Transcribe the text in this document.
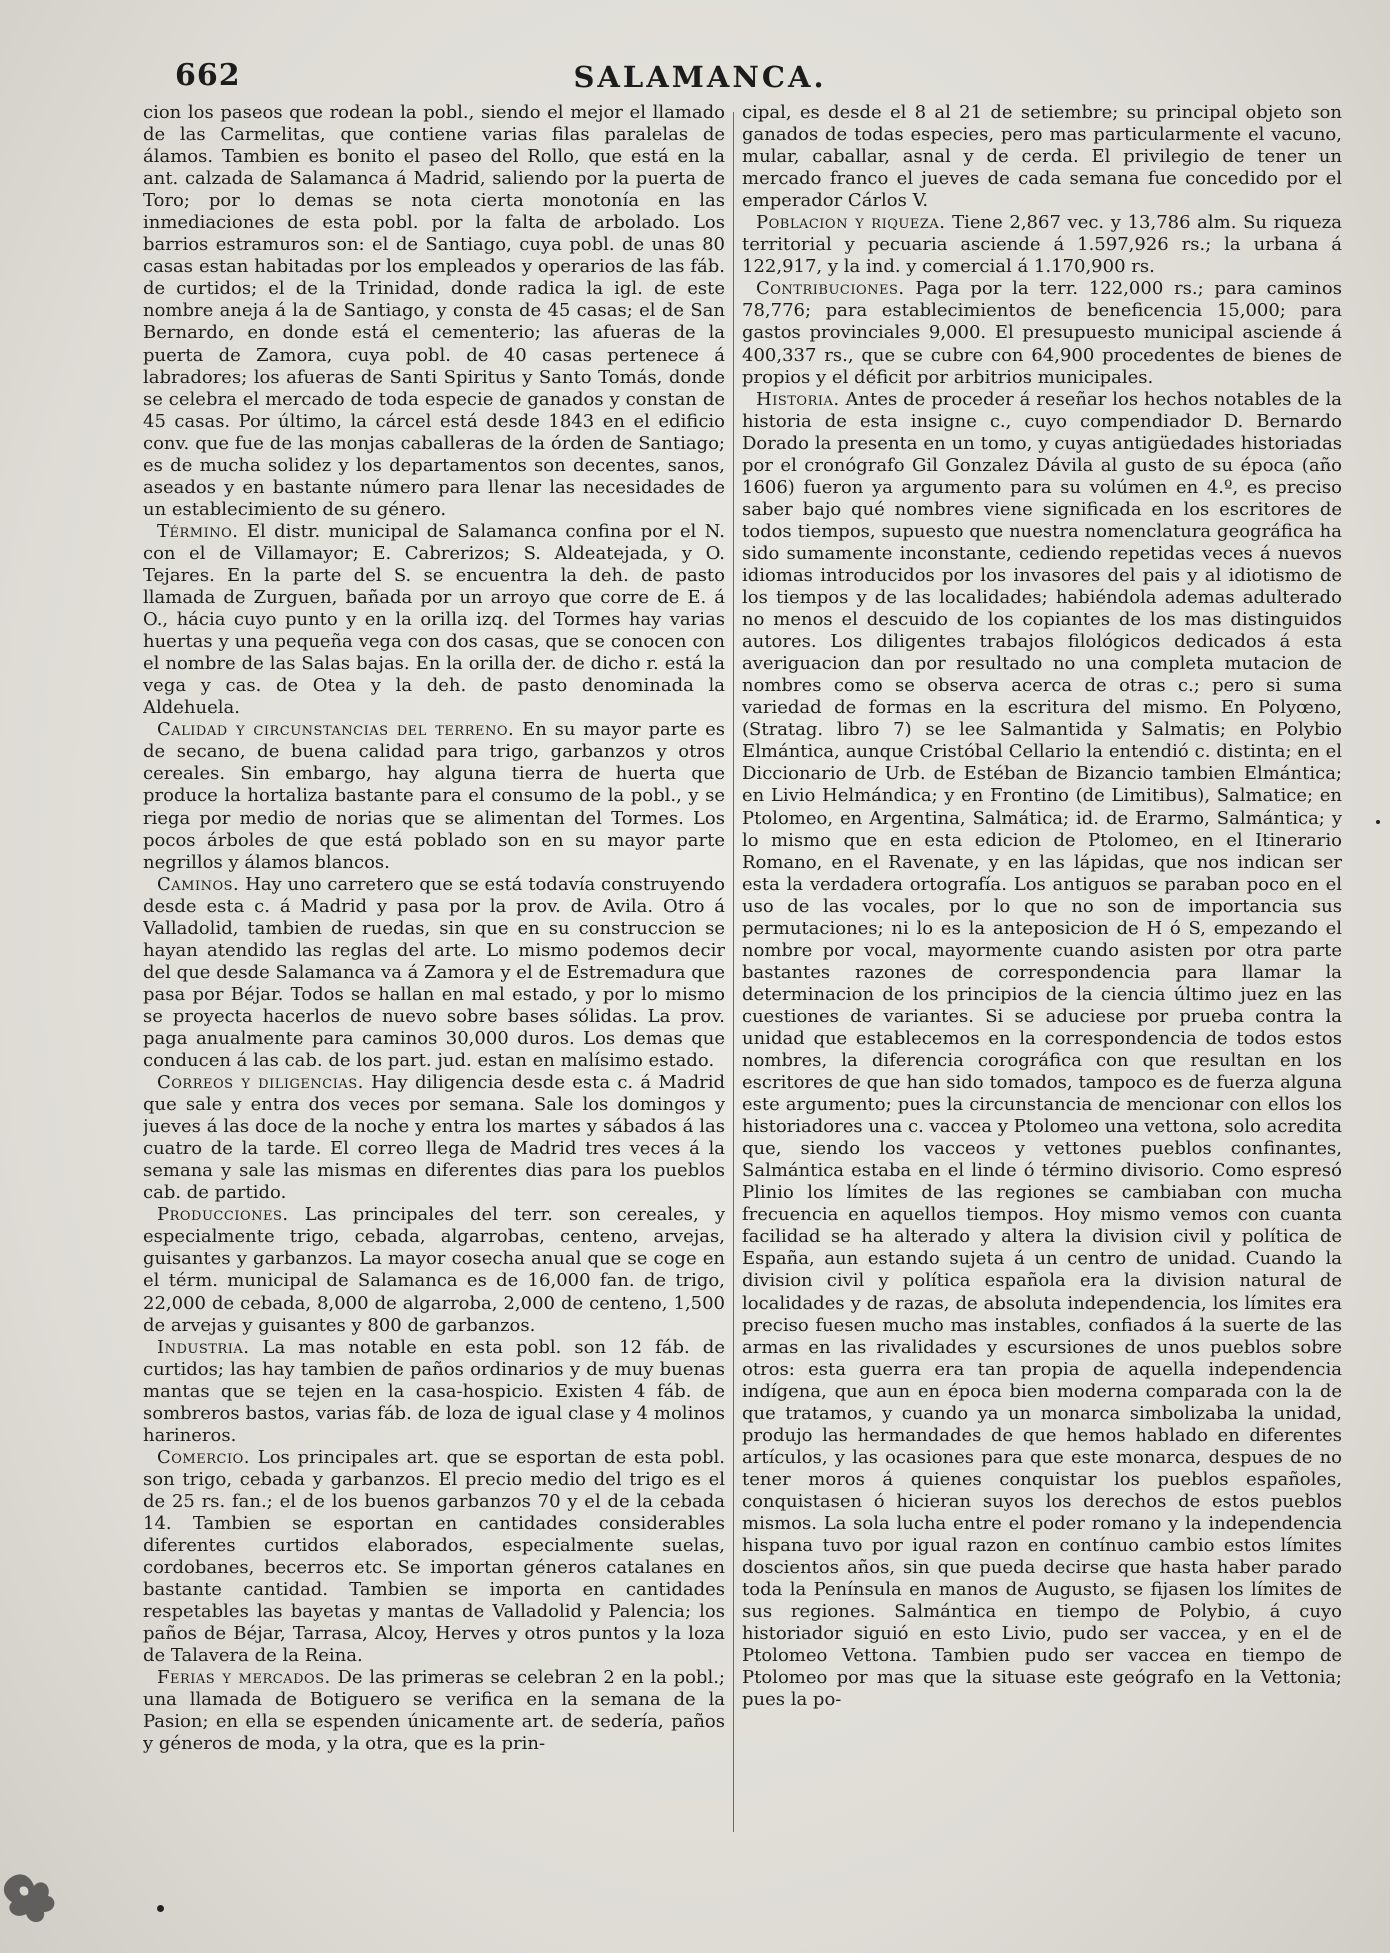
662	SALAMANCA.

cion los paseos que rodean la pobl., siendo el mejor el llamado de las Carmelitas, que contiene varias filas paralelas de álamos. Tambien es bonito el paseo del Rollo, que está en la ant. calzada de Salamanca á Madrid, saliendo por la puerta de Toro; por lo demas se nota cierta monotonía en las inmediaciones de esta pobl. por la falta de arbolado. Los barrios estramuros son: el de Santiago, cuya pobl. de unas 80 casas estan habitadas por los empleados y operarios de las fáb. de curtidos; el de la Trinidad, donde radica la igl. de este nombre aneja á la de Santiago, y consta de 45 casas; el de San Bernardo, en donde está el cementerio; las afueras de la puerta de Zamora, cuya pobl. de 40 casas pertenece á labradores; los afueras de Santi Spiritus y Santo Tomás, donde se celebra el mercado de toda especie de ganados y constan de 45 casas. Por último, la cárcel está desde 1843 en el edificio conv. que fue de las monjas caballeras de la órden de Santiago; es de mucha solidez y los departamentos son decentes, sanos, aseados y en bastante número para llenar las necesidades de un establecimiento de su género.

Término. El distr. municipal de Salamanca confina por el N. con el de Villamayor; E. Cabrerizos; S. Aldeatejada, y O. Tejares. En la parte del S. se encuentra la deh. de pasto llamada de Zurguen, bañada por un arroyo que corre de E. á O., hácia cuyo punto y en la orilla izq. del Tormes hay varias huertas y una pequeña vega con dos casas, que se conocen con el nombre de las Salas bajas. En la orilla der. de dicho r. está la vega y cas. de Otea y la deh. de pasto denominada la Aldehuela.

Calidad y circunstancias del terreno. En su mayor parte es de secano, de buena calidad para trigo, garbanzos y otros cereales. Sin embargo, hay alguna tierra de huerta que produce la hortaliza bastante para el consumo de la pobl., y se riega por medio de norias que se alimentan del Tormes. Los pocos árboles de que está poblado son en su mayor parte negrillos y álamos blancos.

Caminos. Hay uno carretero que se está todavía construyendo desde esta c. á Madrid y pasa por la prov. de Avila. Otro á Valladolid, tambien de ruedas, sin que en su construccion se hayan atendido las reglas del arte. Lo mismo podemos decir del que desde Salamanca va á Zamora y el de Estremadura que pasa por Béjar. Todos se hallan en mal estado, y por lo mismo se proyecta hacerlos de nuevo sobre bases sólidas. La prov. paga anualmente para caminos 30,000 duros. Los demas que conducen á las cab. de los part. jud. estan en malísimo estado.

Correos y diligencias. Hay diligencia desde esta c. á Madrid que sale y entra dos veces por semana. Sale los domingos y jueves á las doce de la noche y entra los martes y sábados á las cuatro de la tarde. El correo llega de Madrid tres veces á la semana y sale las mismas en diferentes dias para los pueblos cab. de partido.

Producciones. Las principales del terr. son cereales, y especialmente trigo, cebada, algarrobas, centeno, arvejas, guisantes y garbanzos. La mayor cosecha anual que se coge en el térm. municipal de Salamanca es de 16,000 fan. de trigo, 22,000 de cebada, 8,000 de algarroba, 2,000 de centeno, 1,500 de arvejas y guisantes y 800 de garbanzos.

Industria. La mas notable en esta pobl. son 12 fáb. de curtidos; las hay tambien de paños ordinarios y de muy buenas mantas que se tejen en la casa-hospicio. Existen 4 fáb. de sombreros bastos, varias fáb. de loza de igual clase y 4 molinos harineros.

Comercio. Los principales art. que se esportan de esta pobl. son trigo, cebada y garbanzos. El precio medio del trigo es el de 25 rs. fan.; el de los buenos garbanzos 70 y el de la cebada 14. Tambien se esportan en cantidades considerables diferentes curtidos elaborados, especialmente suelas, cordobanes, becerros etc. Se importan géneros catalanes en bastante cantidad. Tambien se importa en cantidades respetables las bayetas y mantas de Valladolid y Palencia; los paños de Béjar, Tarrasa, Alcoy, Herves y otros puntos y la loza de Talavera de la Reina.

Ferias y mercados. De las primeras se celebran 2 en la pobl.; una llamada de Botiguero se verifica en la semana de la Pasion; en ella se espenden únicamente art. de sedería, paños y géneros de moda, y la otra, que es la prin-

cipal, es desde el 8 al 21 de setiembre; su principal objeto son ganados de todas especies, pero mas particularmente el vacuno, mular, caballar, asnal y de cerda. El privilegio de tener un mercado franco el jueves de cada semana fue concedido por el emperador Cárlos V.

Poblacion y riqueza. Tiene 2,867 vec. y 13,786 alm. Su riqueza territorial y pecuaria asciende á 1.597,926 rs.; la urbana á 122,917, y la ind. y comercial á 1.170,900 rs.

Contribuciones. Paga por la terr. 122,000 rs.; para caminos 78,776; para establecimientos de beneficencia 15,000; para gastos provinciales 9,000. El presupuesto municipal asciende á 400,337 rs., que se cubre con 64,900 procedentes de bienes de propios y el déficit por arbitrios municipales.

Historia. Antes de proceder á reseñar los hechos notables de la historia de esta insigne c., cuyo compendiador D. Bernardo Dorado la presenta en un tomo, y cuyas antigüedades historiadas por el cronógrafo Gil Gonzalez Dávila al gusto de su época (año 1606) fueron ya argumento para su volúmen en 4.º, es preciso saber bajo qué nombres viene significada en los escritores de todos tiempos, supuesto que nuestra nomenclatura geográfica ha sido sumamente inconstante, cediendo repetidas veces á nuevos idiomas introducidos por los invasores del pais y al idiotismo de los tiempos y de las localidades; habiéndola ademas adulterado no menos el descuido de los copiantes de los mas distinguidos autores. Los diligentes trabajos filológicos dedicados á esta averiguacion dan por resultado no una completa mutacion de nombres como se observa acerca de otras c.; pero si suma variedad de formas en la escritura del mismo. En Polyœno, (Stratag. libro 7) se lee Salmantida y Salmatis; en Polybio Elmántica, aunque Cristóbal Cellario la entendió c. distinta; en el Diccionario de Urb. de Estéban de Bizancio tambien Elmántica; en Livio Helmándica; y en Frontino (de Limitibus), Salmatice; en Ptolomeo, en Argentina, Salmática; id. de Erarmo, Salmántica; y lo mismo que en esta edicion de Ptolomeo, en el Itinerario Romano, en el Ravenate, y en las lápidas, que nos indican ser esta la verdadera ortografía. Los antiguos se paraban poco en el uso de las vocales, por lo que no son de importancia sus permutaciones; ni lo es la anteposicion de H ó S, empezando el nombre por vocal, mayormente cuando asisten por otra parte bastantes razones de correspondencia para llamar la determinacion de los principios de la ciencia último juez en las cuestiones de variantes. Si se aduciese por prueba contra la unidad que establecemos en la correspondencia de todos estos nombres, la diferencia corográfica con que resultan en los escritores de que han sido tomados, tampoco es de fuerza alguna este argumento; pues la circunstancia de mencionar con ellos los historiadores una c. vaccea y Ptolomeo una vettona, solo acredita que, siendo los vacceos y vettones pueblos confinantes, Salmántica estaba en el linde ó término divisorio. Como espresó Plinio los límites de las regiones se cambiaban con mucha frecuencia en aquellos tiempos. Hoy mismo vemos con cuanta facilidad se ha alterado y altera la division civil y política de España, aun estando sujeta á un centro de unidad. Cuando la division civil y política española era la division natural de localidades y de razas, de absoluta independencia, los límites era preciso fuesen mucho mas instables, confiados á la suerte de las armas en las rivalidades y escursiones de unos pueblos sobre otros: esta guerra era tan propia de aquella independencia indígena, que aun en época bien moderna comparada con la de que tratamos, y cuando ya un monarca simbolizaba la unidad, produjo las hermandades de que hemos hablado en diferentes artículos, y las ocasiones para que este monarca, despues de no tener moros á quienes conquistar los pueblos españoles, conquistasen ó hicieran suyos los derechos de estos pueblos mismos. La sola lucha entre el poder romano y la independencia hispana tuvo por igual razon en contínuo cambio estos límites doscientos años, sin que pueda decirse que hasta haber parado toda la Península en manos de Augusto, se fijasen los límites de sus regiones. Salmántica en tiempo de Polybio, á cuyo historiador siguió en esto Livio, pudo ser vaccea, y en el de Ptolomeo Vettona. Tambien pudo ser vaccea en tiempo de Ptolomeo por mas que la situase este geógrafo en la Vettonia; pues la po-
